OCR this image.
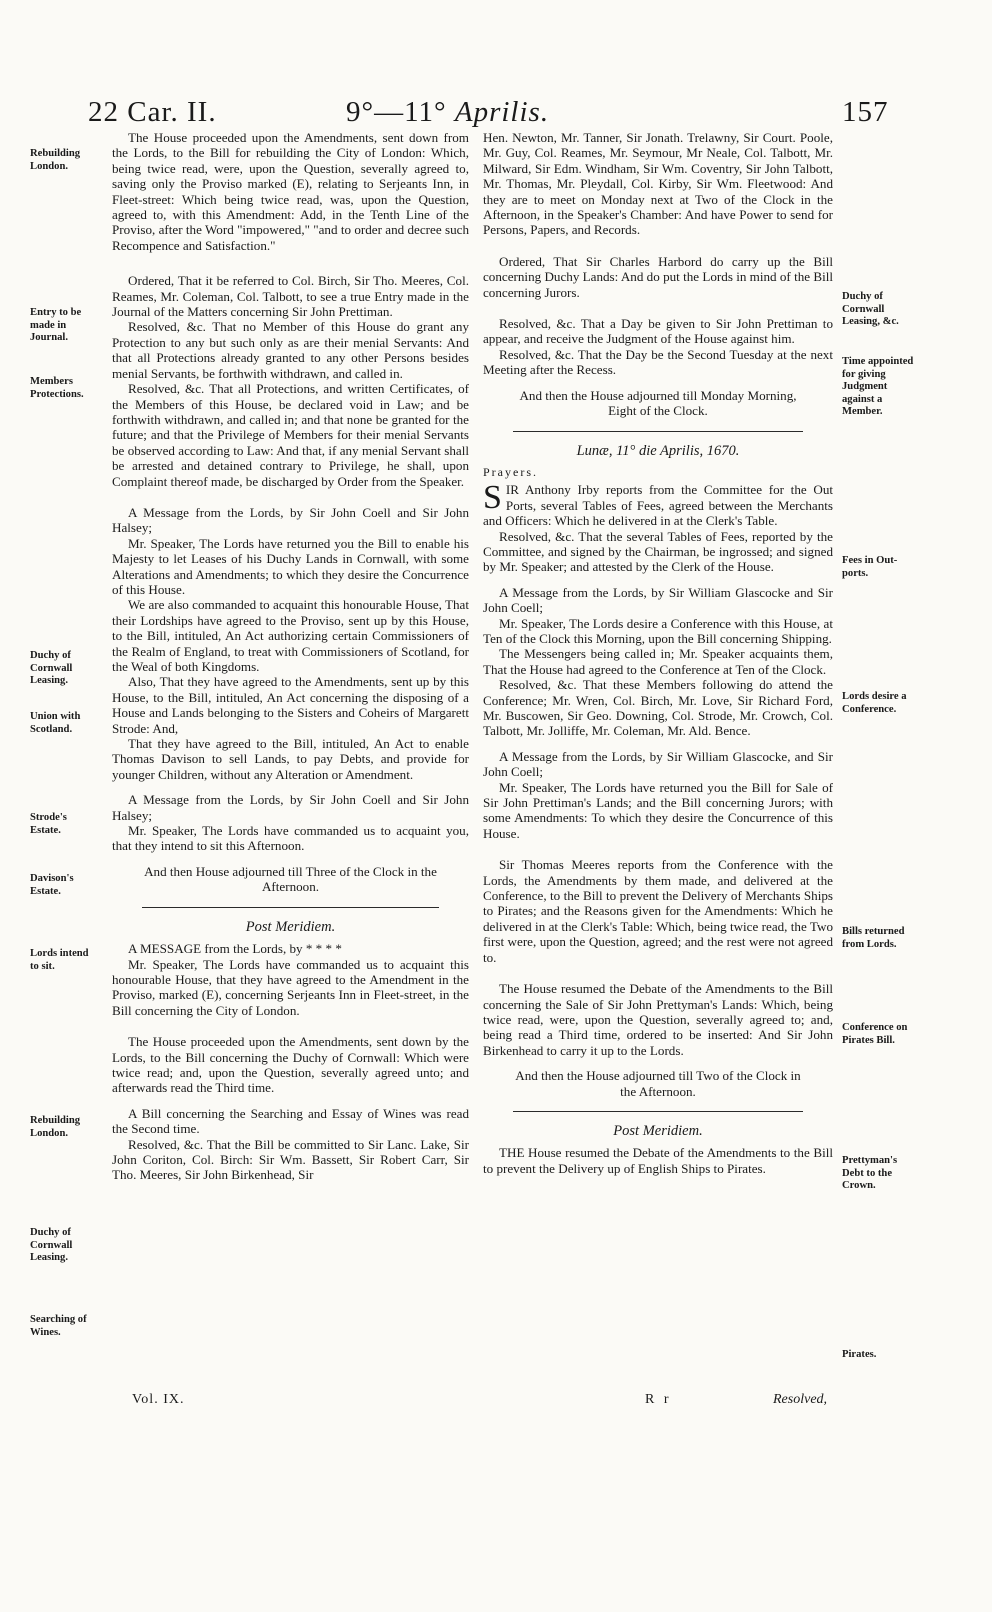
22 Car. II.	9°—11° Aprilis.	157

The House proceeded upon the Amendments, sent down from the Lords, to the Bill for rebuilding the City of London: Which, being twice read, were, upon the Question, severally agreed to, saving only the Proviso marked (E), relating to Serjeants Inn, in Fleet-street: Which being twice read, was, upon the Question, agreed to, with this Amendment: Add, in the Tenth Line of the Proviso, after the Word "impowered," "and to order and decree such Recompence and Satisfaction."

Ordered, That it be referred to Col. Birch, Sir Tho. Meeres, Col. Reames, Mr. Coleman, Col. Talbott, to see a true Entry made in the Journal of the Matters concerning Sir John Prettiman.

Resolved, &c. That no Member of this House do grant any Protection to any but such only as are their menial Servants: And that all Protections already granted to any other Persons besides menial Servants, be forthwith withdrawn, and called in.

Resolved, &c. That all Protections, and written Certificates, of the Members of this House, be declared void in Law; and be forthwith withdrawn, and called in; and that none be granted for the future; and that the Privilege of Members for their menial Servants be observed according to Law: And that, if any menial Servant shall be arrested and detained contrary to Privilege, he shall, upon Complaint thereof made, be discharged by Order from the Speaker.

A Message from the Lords, by Sir John Coell and Sir John Halsey;

Mr. Speaker, The Lords have returned you the Bill to enable his Majesty to let Leases of his Duchy Lands in Cornwall, with some Alterations and Amendments; to which they desire the Concurrence of this House.

We are also commanded to acquaint this honourable House, That their Lordships have agreed to the Proviso, sent up by this House, to the Bill, intituled, An Act authorizing certain Commissioners of the Realm of England, to treat with Commissioners of Scotland, for the Weal of both Kingdoms.

Also, That they have agreed to the Amendments, sent up by this House, to the Bill, intituled, An Act concerning the disposing of a House and Lands belonging to the Sisters and Coheirs of Margarett Strode: And,

That they have agreed to the Bill, intituled, An Act to enable Thomas Davison to sell Lands, to pay Debts, and provide for younger Children, without any Alteration or Amendment.

A Message from the Lords, by Sir John Coell and Sir John Halsey;

Mr. Speaker, The Lords have commanded us to acquaint you, that they intend to sit this Afternoon.

And then House adjourned till Three of the Clock in the Afternoon.

Post Meridiem.

A MESSAGE from the Lords, by * * * *

Mr. Speaker, The Lords have commanded us to acquaint this honourable House, that they have agreed to the Amendment in the Proviso, marked (E), concerning Serjeants Inn in Fleet-street, in the Bill concerning the City of London.

The House proceeded upon the Amendments, sent down by the Lords, to the Bill concerning the Duchy of Cornwall: Which were twice read; and, upon the Question, severally agreed unto; and afterwards read the Third time.

A Bill concerning the Searching and Essay of Wines was read the Second time.

Resolved, &c. That the Bill be committed to Sir Lanc. Lake, Sir John Coriton, Col. Birch: Sir Wm. Bassett, Sir Robert Carr, Sir Tho. Meeres, Sir John Birkenhead, Sir

Hen. Newton, Mr. Tanner, Sir Jonath. Trelawny, Sir Court. Poole, Mr. Guy, Col. Reames, Mr. Seymour, Mr Neale, Col. Talbott, Mr. Milward, Sir Edm. Windham, Sir Wm. Coventry, Sir John Talbott, Mr. Thomas, Mr. Pleydall, Col. Kirby, Sir Wm. Fleetwood: And they are to meet on Monday next at Two of the Clock in the Afternoon, in the Speaker's Chamber: And have Power to send for Persons, Papers, and Records.

Ordered, That Sir Charles Harbord do carry up the Bill concerning Duchy Lands: And do put the Lords in mind of the Bill concerning Jurors.

Resolved, &c. That a Day be given to Sir John Prettiman to appear, and receive the Judgment of the House against him.

Resolved, &c. That the Day be the Second Tuesday at the next Meeting after the Recess.

And then the House adjourned till Monday Morning, Eight of the Clock.

Lunæ, 11° die Aprilis, 1670.
Prayers.

S IR Anthony Irby reports from the Committee for the Out Ports, several Tables of Fees, agreed between the Merchants and Officers: Which he delivered in at the Clerk's Table.

Resolved, &c. That the several Tables of Fees, reported by the Committee, and signed by the Chairman, be ingrossed; and signed by Mr. Speaker; and attested by the Clerk of the House.

A Message from the Lords, by Sir William Glascocke and Sir John Coell;

Mr. Speaker, The Lords desire a Conference with this House, at Ten of the Clock this Morning, upon the Bill concerning Shipping.

The Messengers being called in; Mr. Speaker acquaints them, That the House had agreed to the Conference at Ten of the Clock.

Resolved, &c. That these Members following do attend the Conference; Mr. Wren, Col. Birch, Mr. Love, Sir Richard Ford, Mr. Buscowen, Sir Geo. Downing, Col. Strode, Mr. Crowch, Col. Talbott, Mr. Jolliffe, Mr. Coleman, Mr. Ald. Bence.

A Message from the Lords, by Sir William Glascocke, and Sir John Coell;

Mr. Speaker, The Lords have returned you the Bill for Sale of Sir John Prettiman's Lands; and the Bill concerning Jurors; with some Amendments: To which they desire the Concurrence of this House.

Sir Thomas Meeres reports from the Conference with the Lords, the Amendments by them made, and delivered at the Conference, to the Bill to prevent the Delivery of Merchants Ships to Pirates; and the Reasons given for the Amendments: Which he delivered in at the Clerk's Table: Which, being twice read, the Two first were, upon the Question, agreed; and the rest were not agreed to.

The House resumed the Debate of the Amendments to the Bill concerning the Sale of Sir John Prettyman's Lands: Which, being twice read, were, upon the Question, severally agreed to; and, being read a Third time, ordered to be inserted: And Sir John Birkenhead to carry it up to the Lords.

And then the House adjourned till Two of the Clock in the Afternoon.

Post Meridiem.

THE House resumed the Debate of the Amendments to the Bill to prevent the Delivery up of English Ships to Pirates.

Rebuilding London.
Entry to be made in Journal.
Members Protections.
Duchy of Cornwall Leasing.
Union with Scotland.
Strode's Estate.
Davison's Estate.
Lords intend to sit.
Rebuilding London.
Duchy of Cornwall Leasing.
Searching of Wines.
Duchy of Cornwall Leasing, &c.
Time appointed for giving Judgment against a Member.
Fees in Out-ports.
Lords desire a Conference.
Bills returned from Lords.
Conference on Pirates Bill.
Prettyman's Debt to the Crown.
Pirates.
Vol. IX.	R r	Resolved,
